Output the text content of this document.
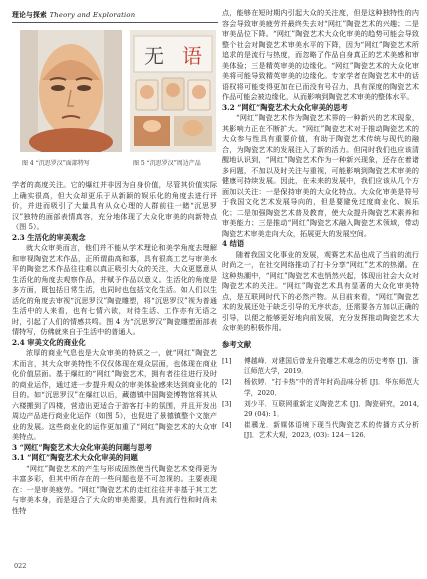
理论与探索 Theory and Exploration
图 4 “沉思罗汉”面部特写
无 语
图 5 “沉思罗汉”周边产品

学者的高度关注。它的爆红并非因为自身价值，尽管其价值实际上确实很高，但大众却更乐于从新颖的娱乐化的角度去进行评价，并进而吸引了大量具有从众心理的人群前往一睹“沉思罗汉”独特的面部表情真容，充分地体现了大众化审美的向新特点（图 5）。

2.3 生活化的审美观念

就大众审美而言，他们并不能从学术理论和美学角度去理解和审视陶瓷艺术作品，正所谓曲高和寡，具有很高工艺与审美水平的陶瓷艺术作品往往难以真正吸引大众的关注，大众更愿意从生活化的角度去观察作品，并赋予作品以意义。生活化的角度是多方面，既包括日常生活，也同时也包括文化生活。如人们以生活化的角度去审视“沉思罗汉”陶瓷雕塑，将“沉思罗汉”视为普通生活中的人来看，也有七情六欲，对待生活、工作亦有无语之时，引起了人们的情感共鸣。图 4 为“沉思罗汉”陶瓷雕塑面部表情特写，仿佛就来自于生活中的普通人。

2.4 审美文化的商业化

浓厚的商业气息也是大众审美的特质之一，就“网红”陶瓷艺术而言，其大众审美特性不仅仅体现在观众层面，也体现在商业化价值层面。基于爆红的“网红”陶瓷艺术，拥有者往往进行及时的商业运作，通过进一步提升观众的审美体验感来达到商业化的目的。如“沉思罗汉”在爆红以后，藏德镇中国陶瓷博物馆将其从六楼搬到了四楼，营造出更适合于游客打卡的氛围，并且开发出周边产品进行商业化运作（如图 5），也促进了景德镇整个文旅产业的发展。这些商业化的运作更加重了“网红”陶瓷艺术的大众审美特点。

3 “网红”陶瓷艺术大众化审美的问题与思考
3.1 “网红”陶瓷艺术大众化审美的问题

“网红”陶瓷艺术的产生与形成固然使当代陶瓷艺术变得更为丰富多彩，但其中所存在的一些问题也是不可忽视的。主要表现在：一是审美疲劳。“网红”陶瓷艺术的走红往往并非基于其工艺与审美本身，而是迎合了大众的审美需要，具有流行性和时尚未性特

点，能够在短时期内引起大众的关注度，但是这种独特性的内容会导致审美疲劳并最终失去对“网红”陶瓷艺术的兴趣；二是审美品位下降。“网红”陶瓷艺术大众化审美的趋势可能会导致整个社会对陶瓷艺术审美水平的下降，因为“网红”陶瓷艺术所追求的是流行与热度，而忽略了作品自身真正的艺术美感和审美体验；三是精英审美的边缘化。“网红”陶瓷艺术的大众化审美将可能导致精英审美的边缘化。专家学者在陶瓷艺术中的话语权将可能变得更加在已而没有号召力，具有深度的陶瓷艺术作品可能会被边缘化，从而影响到陶瓷艺术审美的整体水平。

3.2 “网红”陶瓷艺术大众化审美的思考

“网红”陶瓷艺术作为陶瓷艺术界的一种新兴的艺术现象，其影响力正在不断扩大。“网红”陶瓷艺术对于推动陶瓷艺术的大众参与性具有重要价值，有助于陶瓷艺术传统与现代的融合，为陶瓷艺术的发展注入了新的活力。但同时我们也应该清醒地认识到，“网红”陶瓷艺术作为一种新兴现象，还存在着诸多问题，不加以及时关注与重视，可能影响到陶瓷艺术审美的健康可持续发展。因此，在未来的发展中，我们应该从几个方面加以关注：一是保持审美的大众化特点。大众化审美是符号于我国文化艺术发展导向的，但是要避免过度商业化、娱乐化；二是加强陶瓷艺术普及教育，使大众提升陶瓷艺术素养和审美能力；三是推动“网红”陶瓷艺术融入陶瓷艺术领域，带动陶瓷艺术审美走向大众，拓展更大的发展空间。

4 结语

随着我国文化事业的发展，观赛艺术品也成了当前的流行时尚之一，在社交网络推动了打卡分享“网红”艺术的热潮。在这种热潮中，“网红”陶瓷艺术也悄然兴起，体现出社会大众对陶瓷艺术的关注。“网红”陶瓷艺术具有显著的大众化审美特点，是互联网时代下的必然产物。从目前来看，“网红”陶瓷艺术的发展还处于缺乏引导的无序状态，还需要各方加以正确的引导，以便之能够更好地向前发展，充分发挥推动陶瓷艺术大众审美的积极作用。

参考文献
[1]	傅越峰．对建国后曾龙升瓷雕艺术观念的历史考察 [J]．浙江师范大学，2019．
[2]	杨依婷．“打卡热”中的青年时尚品味分析 [J]．华东师范大学，2020．
[3]	刘少平．互联网重新定义陶瓷艺术 [J]．陶瓷研究，2014, 29 (04): 1．
[4]	崔骥龙．新媒体语境下现当代陶瓷艺术的传播方式分析 [J]．艺术大观，2023, (03): 124－126．
022
